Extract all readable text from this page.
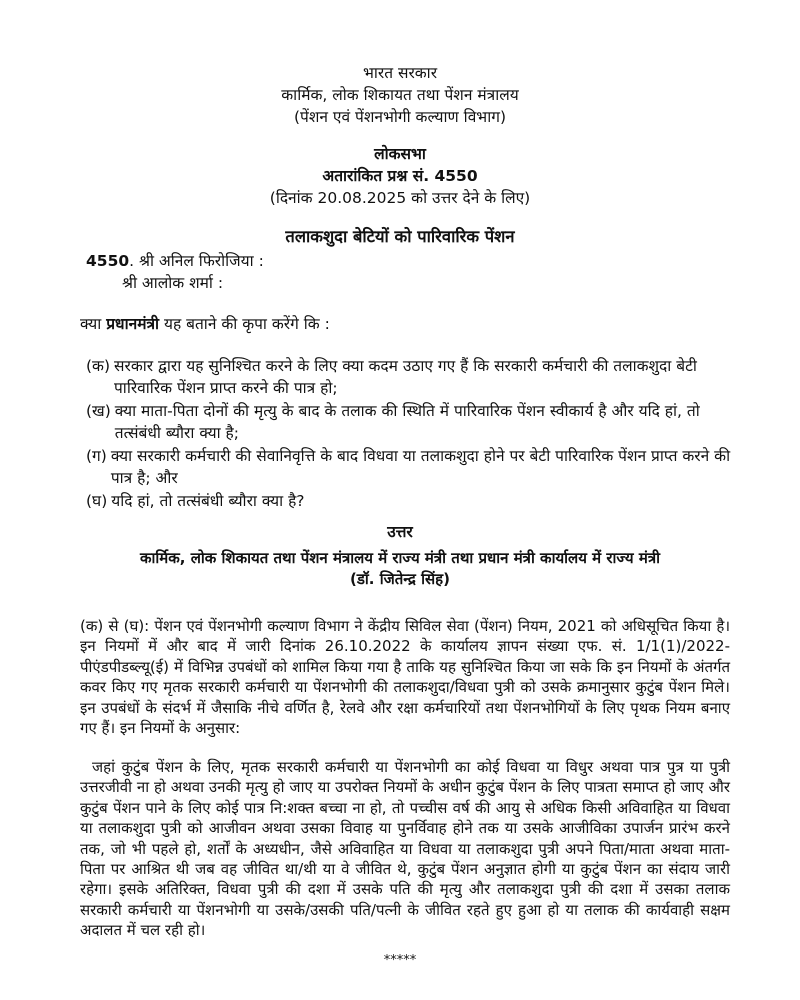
भारत सरकार

कार्मिक, लोक शिकायत तथा पेंशन मंत्रालय

(पेंशन एवं पेंशनभोगी कल्याण विभाग)

लोकसभा

अतारांकित प्रश्न सं. 4550

(दिनांक 20.08.2025 को उत्तर देने के लिए)

तलाकशुदा बेटियों को पारिवारिक पेंशन

4550. श्री अनिल फिरोजिया :

श्री आलोक शर्मा :

क्या प्रधानमंत्री यह बताने की कृपा करेंगे कि :

(क) सरकार द्वारा यह सुनिश्चित करने के लिए क्या कदम उठाए गए हैं कि सरकारी कर्मचारी की तलाकशुदा बेटी पारिवारिक पेंशन प्राप्त करने की पात्र हो;
(ख) क्या माता-पिता दोनों की मृत्यु के बाद के तलाक की स्थिति में पारिवारिक पेंशन स्वीकार्य है और यदि हां, तो तत्संबंधी ब्यौरा क्या है;
(ग) क्या सरकारी कर्मचारी की सेवानिवृत्ति के बाद विधवा या तलाकशुदा होने पर बेटी पारिवारिक पेंशन प्राप्त करने की पात्र है; और
(घ) यदि हां, तो तत्संबंधी ब्यौरा क्या है?
उत्तर

कार्मिक, लोक शिकायत तथा पेंशन मंत्रालय में राज्य मंत्री तथा प्रधान मंत्री कार्यालय में राज्य मंत्री

(डॉ. जितेन्द्र सिंह)

(क) से (घ): पेंशन एवं पेंशनभोगी कल्याण विभाग ने केंद्रीय सिविल सेवा (पेंशन) नियम, 2021 को अधिसूचित किया है। इन नियमों में और बाद में जारी दिनांक 26.10.2022 के कार्यालय ज्ञापन संख्या एफ. सं. 1/1(1)/2022-पीएंडपीडब्ल्यू(ई) में विभिन्न उपबंधों को शामिल किया गया है ताकि यह सुनिश्चित किया जा सके कि इन नियमों के अंतर्गत कवर किए गए मृतक सरकारी कर्मचारी या पेंशनभोगी की तलाकशुदा/विधवा पुत्री को उसके क्रमानुसार कुटुंब पेंशन मिले। इन उपबंधों के संदर्भ में जैसाकि नीचे वर्णित है, रेलवे और रक्षा कर्मचारियों तथा पेंशनभोगियों के लिए पृथक नियम बनाए गए हैं। इन नियमों के अनुसार:

जहां कुटुंब पेंशन के लिए, मृतक सरकारी कर्मचारी या पेंशनभोगी का कोई विधवा या विधुर अथवा पात्र पुत्र या पुत्री उत्तरजीवी ना हो अथवा उनकी मृत्यु हो जाए या उपरोक्त नियमों के अधीन कुटुंब पेंशन के लिए पात्रता समाप्त हो जाए और कुटुंब पेंशन पाने के लिए कोई पात्र नि:शक्त बच्चा ना हो, तो पच्चीस वर्ष की आयु से अधिक किसी अविवाहित या विधवा या तलाकशुदा पुत्री को आजीवन अथवा उसका विवाह या पुनर्विवाह होने तक या उसके आजीविका उपार्जन प्रारंभ करने तक, जो भी पहले हो, शर्तों के अध्यधीन, जैसे अविवाहित या विधवा या तलाकशुदा पुत्री अपने पिता/माता अथवा माता-पिता पर आश्रित थी जब वह जीवित था/थी या वे जीवित थे, कुटुंब पेंशन अनुज्ञात होगी या कुटुंब पेंशन का संदाय जारी रहेगा। इसके अतिरिक्त, विधवा पुत्री की दशा में उसके पति की मृत्यु और तलाकशुदा पुत्री की दशा में उसका तलाक सरकारी कर्मचारी या पेंशनभोगी या उसके/उसकी पति/पत्नी के जीवित रहते हुए हुआ हो या तलाक की कार्यवाही सक्षम अदालत में चल रही हो।

*****
